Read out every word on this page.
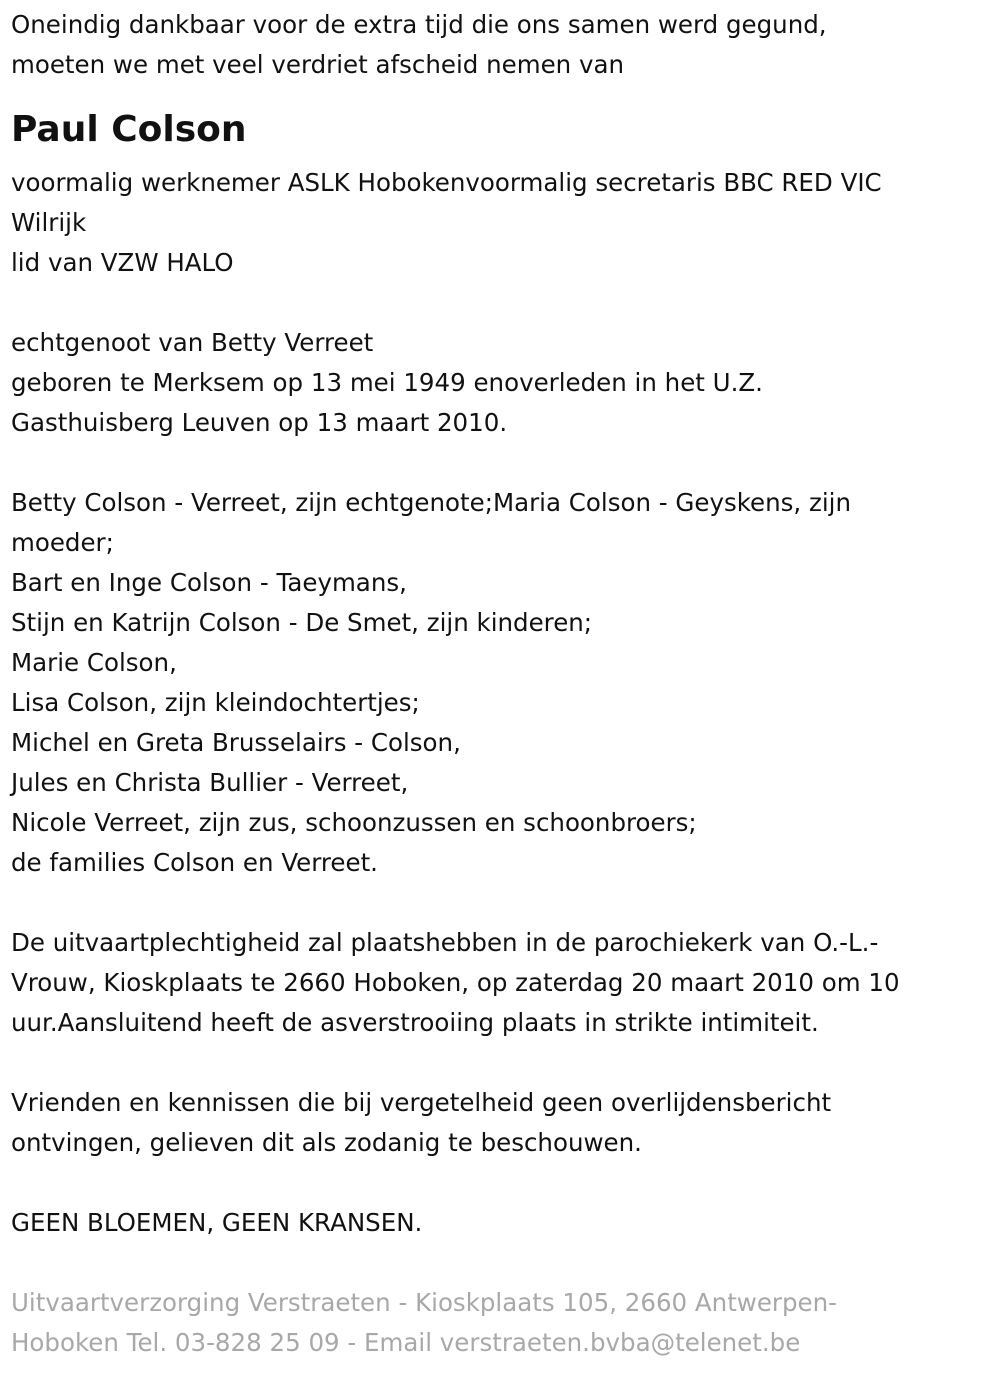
Oneindig dankbaar voor de extra tijd die ons samen werd gegund,

moeten we met veel verdriet afscheid nemen van

Paul Colson

voormalig werknemer ASLK Hobokenvoormalig secretaris BBC RED VIC

Wilrijk

lid van VZW HALO

echtgenoot van Betty Verreet

geboren te Merksem op 13 mei 1949 enoverleden in het U.Z.

Gasthuisberg Leuven op 13 maart 2010.

Betty Colson - Verreet, zijn echtgenote;Maria Colson - Geyskens, zijn

moeder;

Bart en Inge Colson - Taeymans,

Stijn en Katrijn Colson - De Smet, zijn kinderen;

Marie Colson,

Lisa Colson, zijn kleindochtertjes;

Michel en Greta Brusselairs - Colson,

Jules en Christa Bullier - Verreet,

Nicole Verreet, zijn zus, schoonzussen en schoonbroers;

de families Colson en Verreet.

De uitvaartplechtigheid zal plaatshebben in de parochiekerk van O.-L.-

Vrouw, Kioskplaats te 2660 Hoboken, op zaterdag 20 maart 2010 om 10

uur.Aansluitend heeft de asverstrooiing plaats in strikte intimiteit.

Vrienden en kennissen die bij vergetelheid geen overlijdensbericht

ontvingen, gelieven dit als zodanig te beschouwen.

GEEN BLOEMEN, GEEN KRANSEN.

Uitvaartverzorging Verstraeten - Kioskplaats 105, 2660 Antwerpen-

Hoboken Tel. 03-828 25 09 - Email verstraeten.bvba@telenet.be
